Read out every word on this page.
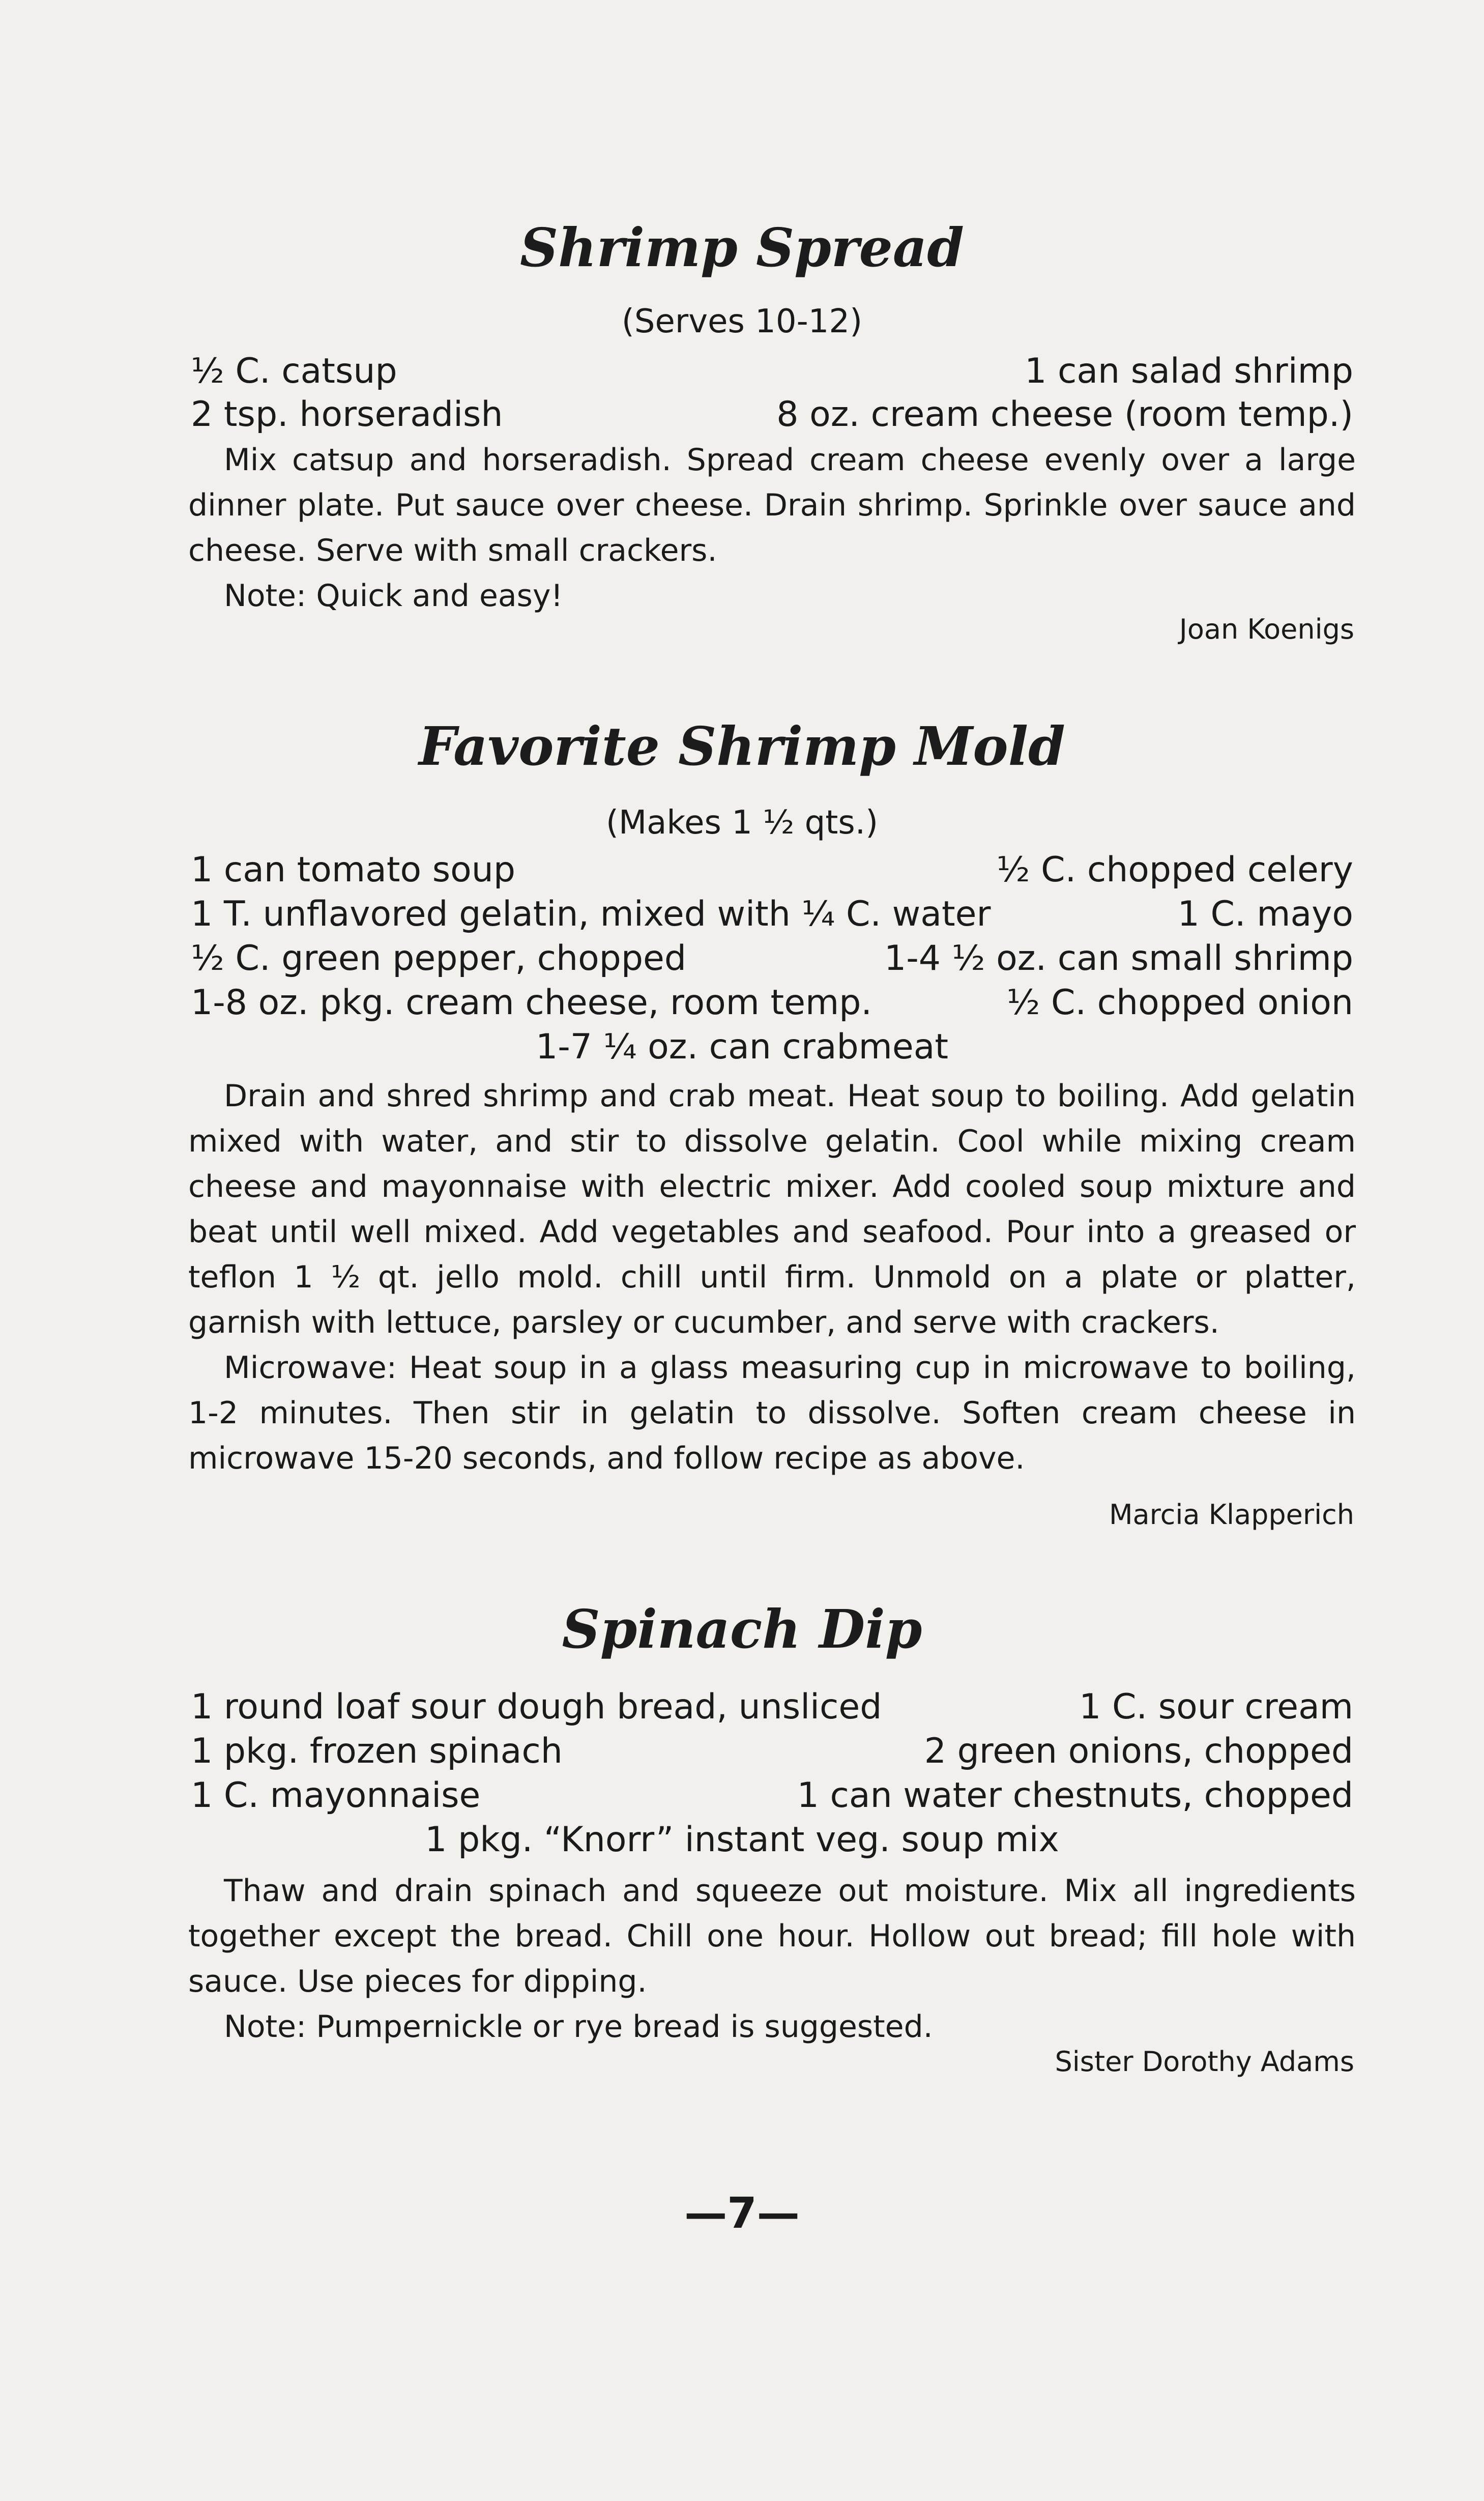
Shrimp Spread
(Serves 10-12)
½ C. catsup	1 can salad shrimp
2 tsp. horseradish	8 oz. cream cheese (room temp.)

Mix catsup and horseradish. Spread cream cheese evenly over a large dinner plate. Put sauce over cheese. Drain shrimp. Sprinkle over sauce and cheese. Serve with small crackers.

Note: Quick and easy!

Joan Koenigs
Favorite Shrimp Mold
(Makes 1 ½ qts.)
1 can tomato soup	½ C. chopped celery
1 T. unflavored gelatin, mixed with ¼ C. water	1 C. mayo
½ C. green pepper, chopped	1-4 ½ oz. can small shrimp
1-8 oz. pkg. cream cheese, room temp.	½ C. chopped onion
1-7 ¼ oz. can crabmeat

Drain and shred shrimp and crab meat. Heat soup to boiling. Add gelatin mixed with water, and stir to dissolve gelatin. Cool while mixing cream cheese and mayonnaise with electric mixer. Add cooled soup mixture and beat until well mixed. Add vegetables and seafood. Pour into a greased or teflon 1 ½ qt. jello mold. chill until firm. Unmold on a plate or platter, garnish with lettuce, parsley or cucumber, and serve with crackers.

Microwave: Heat soup in a glass measuring cup in microwave to boiling, 1-2 minutes. Then stir in gelatin to dissolve. Soften cream cheese in microwave 15-20 seconds, and follow recipe as above.

Marcia Klapperich
Spinach Dip
1 round loaf sour dough bread, unsliced	1 C. sour cream
1 pkg. frozen spinach	2 green onions, chopped
1 C. mayonnaise	1 can water chestnuts, chopped
1 pkg. “Knorr” instant veg. soup mix

Thaw and drain spinach and squeeze out moisture. Mix all ingredients together except the bread. Chill one hour. Hollow out bread; fill hole with sauce. Use pieces for dipping.

Note: Pumpernickle or rye bread is suggested.

Sister Dorothy Adams
—7—
